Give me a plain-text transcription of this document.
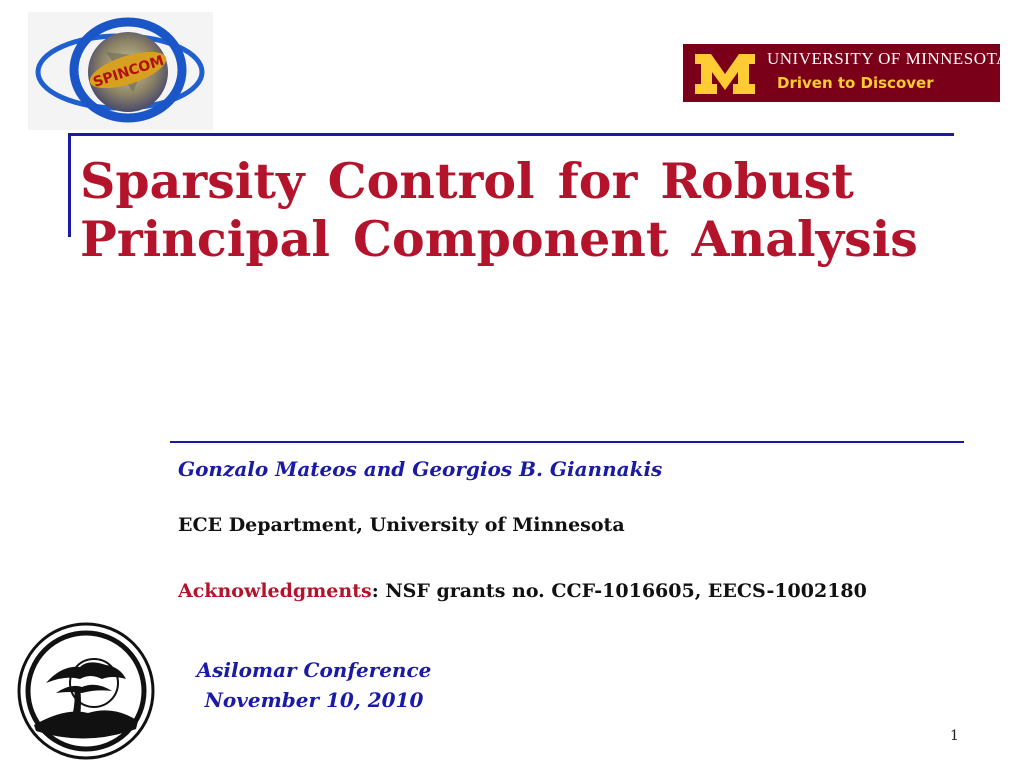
SPINCOM	UNIVERSITY OF MINNESOTA
Driven to Discover
Sparsity Control for Robust
Principal Component Analysis
Gonzalo Mateos and Georgios B. Giannakis
ECE Department, University of Minnesota
Acknowledgments: NSF grants no. CCF-1016605, EECS-1002180
Asilomar Conference
November 10, 2010
1
